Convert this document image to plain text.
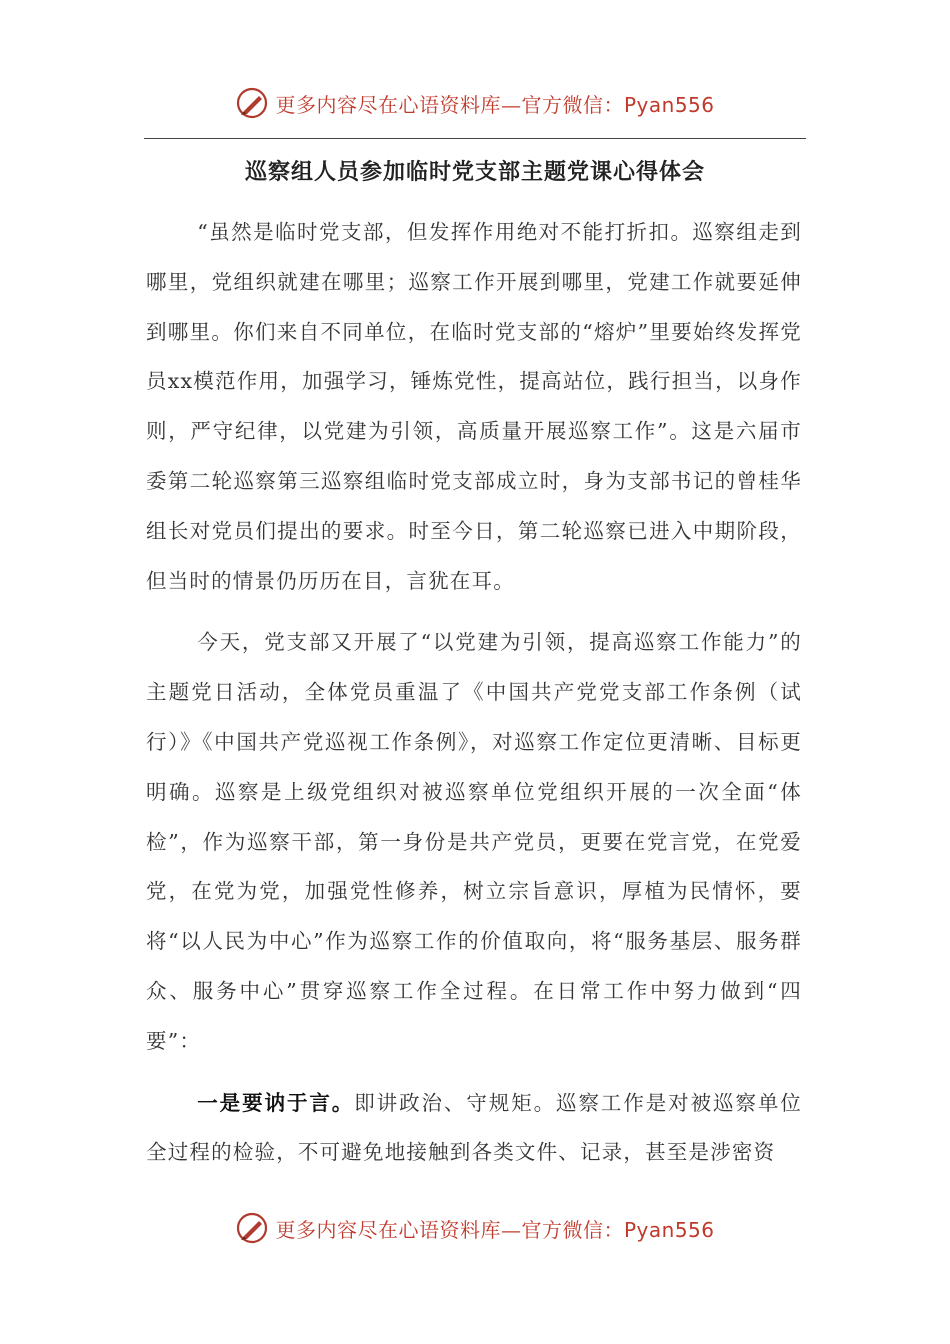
更多内容尽在心语资料库—官方微信：Pyan556
巡察组人员参加临时党支部主题党课心得体会

“虽然是临时党支部，但发挥作用绝对不能打折扣。巡察组走到哪里，党组织就建在哪里；巡察工作开展到哪里，党建工作就要延伸到哪里。你们来自不同单位，在临时党支部的“熔炉”里要始终发挥党员xx模范作用，加强学习，锤炼党性，提高站位，践行担当，以身作则，严守纪律，以党建为引领，高质量开展巡察工作”。这是六届市委第二轮巡察第三巡察组临时党支部成立时，身为支部书记的曾桂华组长对党员们提出的要求。时至今日，第二轮巡察已进入中期阶段，但当时的情景仍历历在目，言犹在耳。

今天，党支部又开展了“以党建为引领，提高巡察工作能力”的主题党日活动，全体党员重温了《中国共产党党支部工作条例（试行）》《中国共产党巡视工作条例》，对巡察工作定位更清晰、目标更明确。巡察是上级党组织对被巡察单位党组织开展的一次全面“体检”，作为巡察干部，第一身份是共产党员，更要在党言党，在党爱党，在党为党，加强党性修养，树立宗旨意识，厚植为民情怀，要将“以人民为中心”作为巡察工作的价值取向，将“服务基层、服务群众、服务中心”贯穿巡察工作全过程。在日常工作中努力做到“四要”：

一是要讷于言。即讲政治、守规矩。巡察工作是对被巡察单位全过程的检验，不可避免地接触到各类文件、记录，甚至是涉密资

更多内容尽在心语资料库—官方微信：Pyan556
